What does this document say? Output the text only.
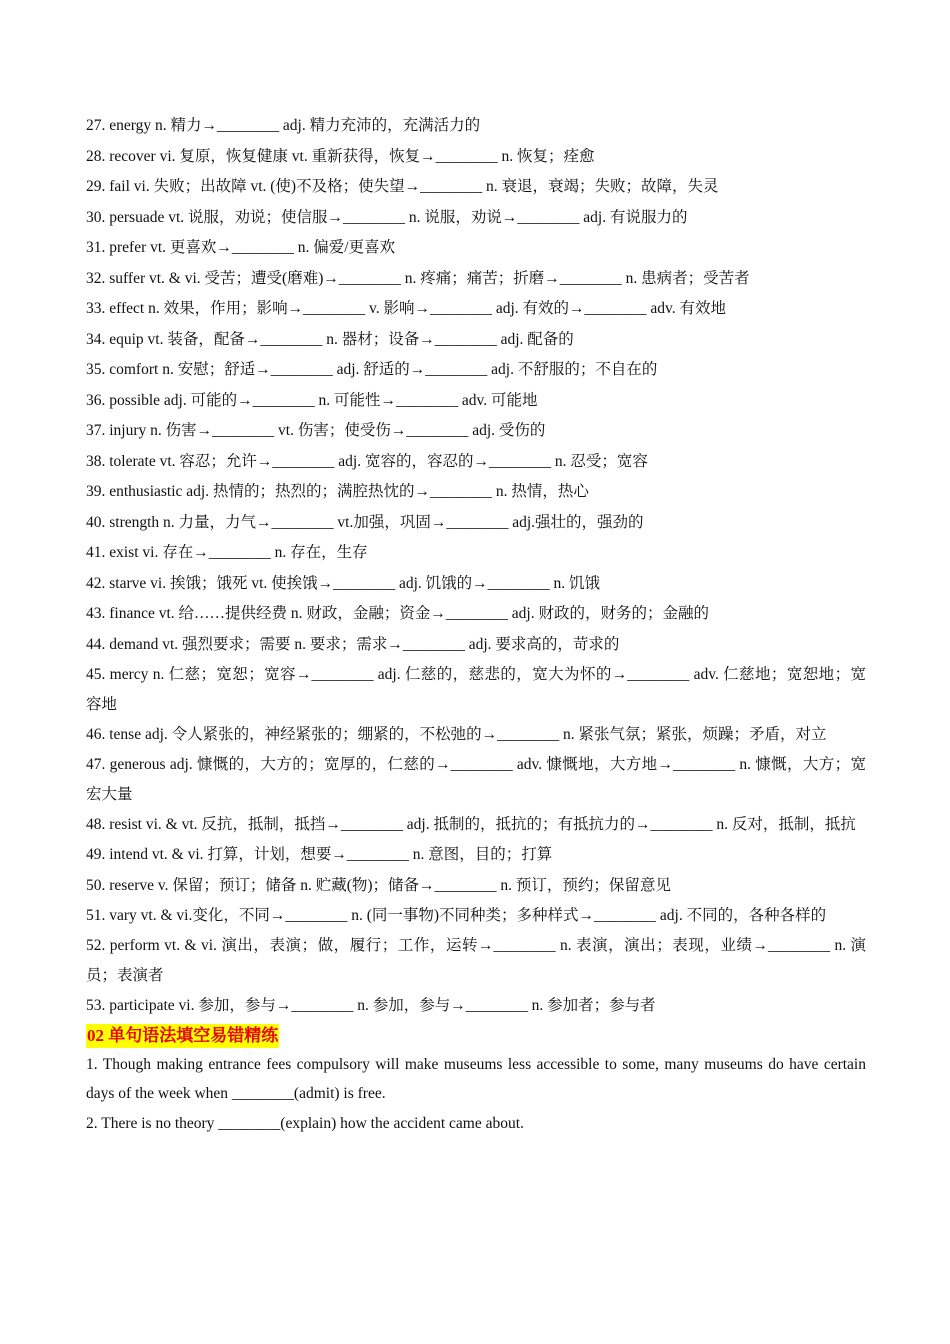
27. energy n. 精力→________ adj. 精力充沛的，充满活力的
28. recover vi. 复原，恢复健康 vt. 重新获得，恢复→________ n. 恢复；痊愈
29. fail vi. 失败；出故障 vt. (使)不及格；使失望→________ n. 衰退，衰竭；失败；故障，失灵
30. persuade vt. 说服，劝说；使信服→________ n. 说服，劝说→________ adj. 有说服力的
31. prefer vt. 更喜欢→________ n. 偏爱/更喜欢
32. suffer vt. & vi. 受苦；遭受(磨难)→________ n. 疼痛；痛苦；折磨→________ n. 患病者；受苦者
33. effect n. 效果，作用；影响→________ v. 影响→________ adj. 有效的→________ adv. 有效地
34. equip vt. 装备，配备→________ n. 器材；设备→________ adj. 配备的
35. comfort n. 安慰；舒适→________ adj. 舒适的→________ adj. 不舒服的；不自在的
36. possible adj. 可能的→________ n. 可能性→________ adv. 可能地
37. injury n. 伤害→________ vt. 伤害；使受伤→________ adj. 受伤的
38. tolerate vt. 容忍；允许→________ adj. 宽容的，容忍的→________ n. 忍受；宽容
39. enthusiastic adj. 热情的；热烈的；满腔热忱的→________ n. 热情，热心
40. strength n. 力量，力气→________ vt.加强，巩固→________ adj.强壮的，强劲的
41. exist vi. 存在→________ n. 存在，生存
42. starve vi. 挨饿；饿死 vt. 使挨饿→________ adj. 饥饿的→________ n. 饥饿
43. finance vt. 给……提供经费 n. 财政，金融；资金→________ adj. 财政的，财务的；金融的
44. demand vt. 强烈要求；需要 n. 要求；需求→________ adj. 要求高的，苛求的
45. mercy n. 仁慈；宽恕；宽容→________ adj. 仁慈的，慈悲的，宽大为怀的→________ adv. 仁慈地；宽恕地；宽容地
46. tense adj. 令人紧张的，神经紧张的；绷紧的，不松弛的→________ n. 紧张气氛；紧张，烦躁；矛盾，对立
47. generous adj. 慷慨的，大方的；宽厚的，仁慈的→________ adv. 慷慨地，大方地→________ n. 慷慨，大方；宽宏大量
48. resist vi. & vt. 反抗，抵制，抵挡→________ adj. 抵制的，抵抗的；有抵抗力的→________ n. 反对，抵制，抵抗
49. intend vt. & vi. 打算，计划，想要→________ n. 意图，目的；打算
50. reserve v. 保留；预订；储备 n. 贮藏(物)；储备→________ n. 预订，预约；保留意见
51. vary vt. & vi.变化，不同→________ n. (同一事物)不同种类；多种样式→________ adj. 不同的，各种各样的
52. perform vt. & vi. 演出，表演；做，履行；工作，运转→________ n. 表演，演出；表现，业绩→________ n. 演员；表演者
53. participate vi. 参加，参与→________ n. 参加，参与→________ n. 参加者；参与者
02 单句语法填空易错精练
1. Though making entrance fees compulsory will make museums less accessible to some, many museums do have certain days of the week when ________(admit) is free.
2. There is no theory ________(explain) how the accident came about.
